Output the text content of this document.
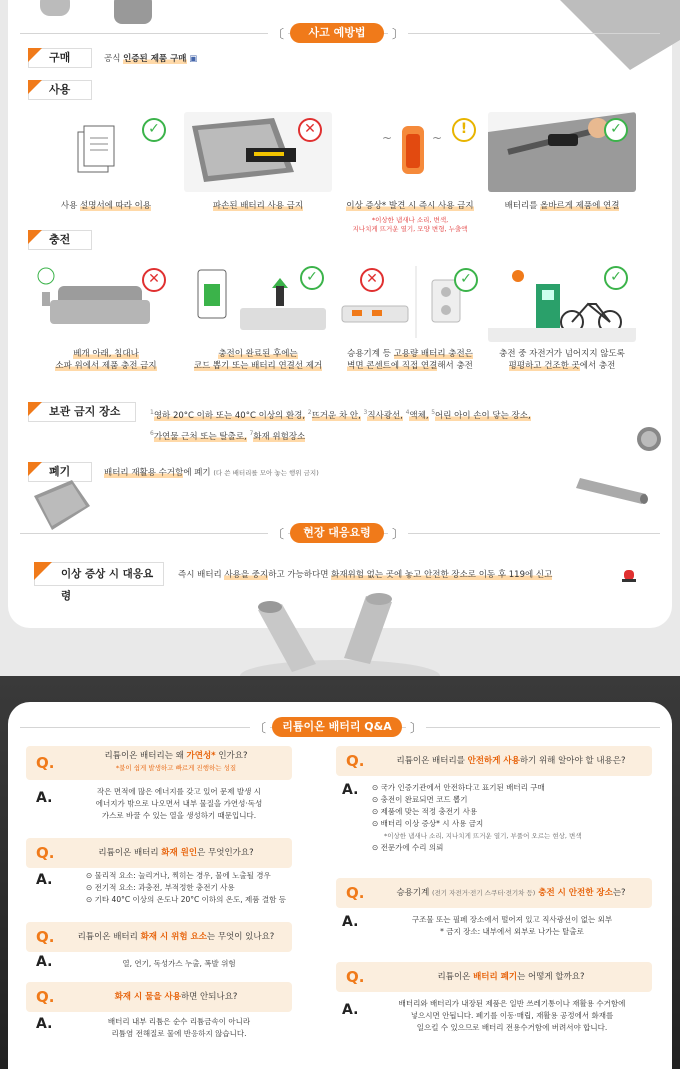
〔	사고 예방법	〕
구매	공식 인증된 제품 구매 ▣
사용
✓	✕
~	~
!	✓
사용 설명서에 따라 이용	파손된 배터리 사용 금지	이상 증상* 발견 시 즉시 사용 금지
*이상한 냄새나 소리, 변색,
지나치게 뜨거운 열기, 모양 변형, 누출액
배터리를 올바르게 제품에 연결
충전
✕	✓	✕	✓	✓
베개 아래, 침대나
소파 위에서 제품 충전 금지
충전이 완료된 후에는
코드 뽑기 또는 배터리 연결선 제거
승용기계 등 고용량 배터리 충전은
벽면 콘센트에 직접 연결해서 충전
충전 중 자전거가 넘어지지 않도록
평평하고 건조한 곳에서 충전
보관 금지 장소	$^1$영하 20°C 이하 또는 40°C 이상의 환경, $^2$뜨거운 차 안, $^3$직사광선, $^4$액체, $^5$어린 아이 손이 닿는 장소,
$^6$가연물 근처 또는 탈출로, $^7$화재 위험장소
폐기	배터리 재활용 수거함에 폐기 (다 쓴 배터리를 모아 놓는 행위 금지)
〔	현장 대응요령	〕
이상 증상 시 대응요령
즉시 배터리 사용을 중지하고 가능하다면 화재위험 없는 곳에 놓고 안전한 장소로 이동 후 119에 신고
〔	리튬이온 배터리 Q&A	〕
Q.	리튬이온 배터리는 왜 가연성* 인가요?
*불이 쉽게 발생하고 빠르게 진행하는 성질
A.	작은 면적에 많은 에너지를 갖고 있어 문제 발생 시
에너지가 밖으로 나오면서 내부 물질을 가연성·독성
가스로 바꿀 수 있는 열을 생성하기 때문입니다.
Q.	리튬이온 배터리 화재 원인은 무엇인가요?
A.	⊙ 물리적 요소: 눌리거나, 찍히는 경우, 물에 노출될 경우
⊙ 전기적 요소: 과충전, 부적정한 충전기 사용
⊙ 기타 40°C 이상의 온도나 20°C 이하의 온도, 제품 결함 등
Q.	리튬이온 배터리 화재 시 위험 요소는 무엇이 있나요?
A.	열, 연기, 독성가스 누출, 폭발 위험
Q.	화재 시 물을 사용하면 안되나요?
A.	배터리 내부 리튬은 순수 리튬금속이 아니라
리튬염 전해질로 물에 반응하지 않습니다.
Q.	리튬이온 배터리를 안전하게 사용하기 위해 알아야 할 내용은?
A. ⊙ 국가 인증기관에서 안전하다고 표기된 배터리 구매
⊙ 충전이 완료되면 코드 뽑기
⊙ 제품에 맞는 적정 충전기 사용
⊙ 배터리 이상 증상* 시 사용 금지
*이상한 냄새나 소리, 지나치게 뜨거운 열기, 부풀어 오르는 현상, 변색
⊙ 전문가에 수리 의뢰
Q.	승용기계 (전기 자전거·전기 스쿠터·전기차 등) 충전 시 안전한 장소는?
A.	구조물 또는 필페 장소에서 떨어져 있고 직사광선이 없는 외부
* 금지 장소: 내부에서 외부로 나가는 탈출로
Q.	리튬이온 배터리 폐기는 어떻게 할까요?
A.	배터리와 배터리가 내장된 제품은 일반 쓰레기통이나 재활용 수거함에
넣으시면 안됩니다. 폐기를 이동·매립, 재활용 공정에서 화재를
일으킬 수 있으므로 배터리 전용수거함에 버려서야 합니다.
